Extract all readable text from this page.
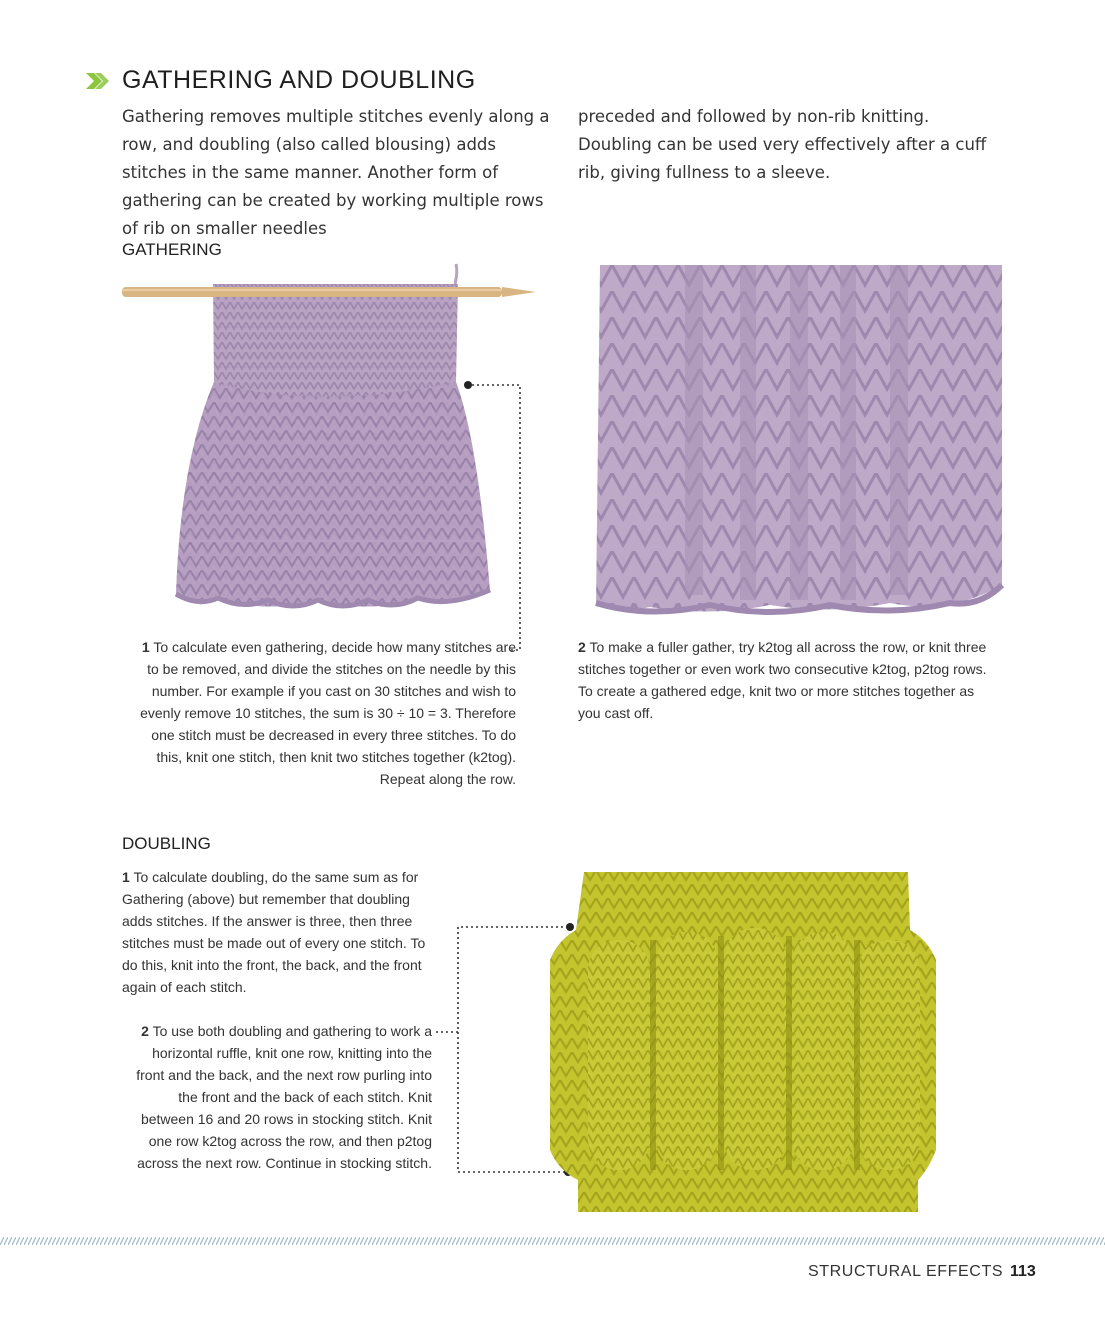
GATHERING AND DOUBLING
Gathering removes multiple stitches evenly along a row, and doubling (also called blousing) adds stitches in the same manner. Another form of gathering can be created by working multiple rows of rib on smaller needles
preceded and followed by non-rib knitting. Doubling can be used very effectively after a cuff rib, giving fullness to a sleeve.
GATHERING
1 To calculate even gathering, decide how many stitches are to be removed, and divide the stitches on the needle by this number. For example if you cast on 30 stitches and wish to evenly remove 10 stitches, the sum is 30 ÷ 10 = 3. Therefore one stitch must be decreased in every three stitches. To do this, knit one stitch, then knit two stitches together (k2tog). Repeat along the row.
2 To make a fuller gather, try k2tog all across the row, or knit three stitches together or even work two consecutive k2tog, p2tog rows. To create a gathered edge, knit two or more stitches together as you cast off.
DOUBLING
1 To calculate doubling, do the same sum as for Gathering (above) but remember that doubling adds stitches. If the answer is three, then three stitches must be made out of every one stitch. To do this, knit into the front, the back, and the front again of each stitch.
2 To use both doubling and gathering to work a horizontal ruffle, knit one row, knitting into the front and the back, and the next row purling into the front and the back of each stitch. Knit between 16 and 20 rows in stocking stitch. Knit one row k2tog across the row, and then p2tog across the next row. Continue in stocking stitch.
STRUCTURAL EFFECTS 113
